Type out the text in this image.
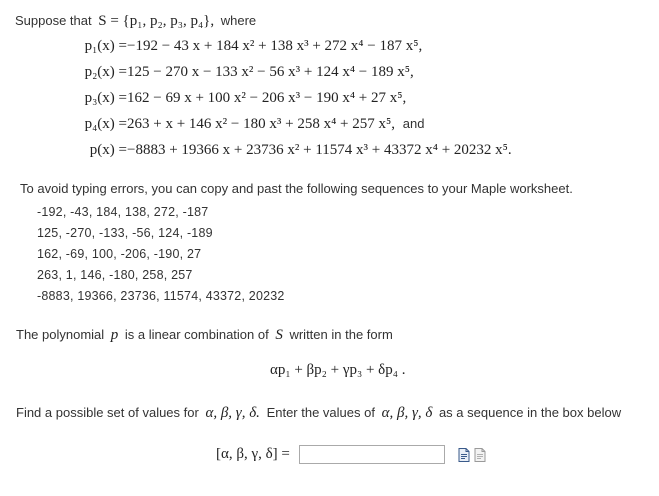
Suppose that S = {p₁, p₂, p₃, p₄}, where
p₁(x) = −192 − 43 x + 184 x² + 138 x³ + 272 x⁴ − 187 x⁵,
p₂(x) = 125 − 270 x − 133 x² − 56 x³ + 124 x⁴ − 189 x⁵,
p₃(x) = 162 − 69 x + 100 x² − 206 x³ − 190 x⁴ + 27 x⁵,
p₄(x) = 263 + x + 146 x² − 180 x³ + 258 x⁴ + 257 x⁵, and
p(x) = −8883 + 19366 x + 23736 x² + 11574 x³ + 43372 x⁴ + 20232 x⁵.
To avoid typing errors, you can copy and past the following sequences to your Maple worksheet.
-192, -43, 184, 138, 272, -187
125, -270, -133, -56, 124, -189
162, -69, 100, -206, -190, 27
263, 1, 146, -180, 258, 257
-8883, 19366, 23736, 11574, 43372, 20232
The polynomial p is a linear combination of S written in the form
αp₁ + βp₂ + γp₃ + δp₄ .
Find a possible set of values for α, β, γ, δ. Enter the values of α, β, γ, δ as a sequence in the box below
[α, β, γ, δ] =
